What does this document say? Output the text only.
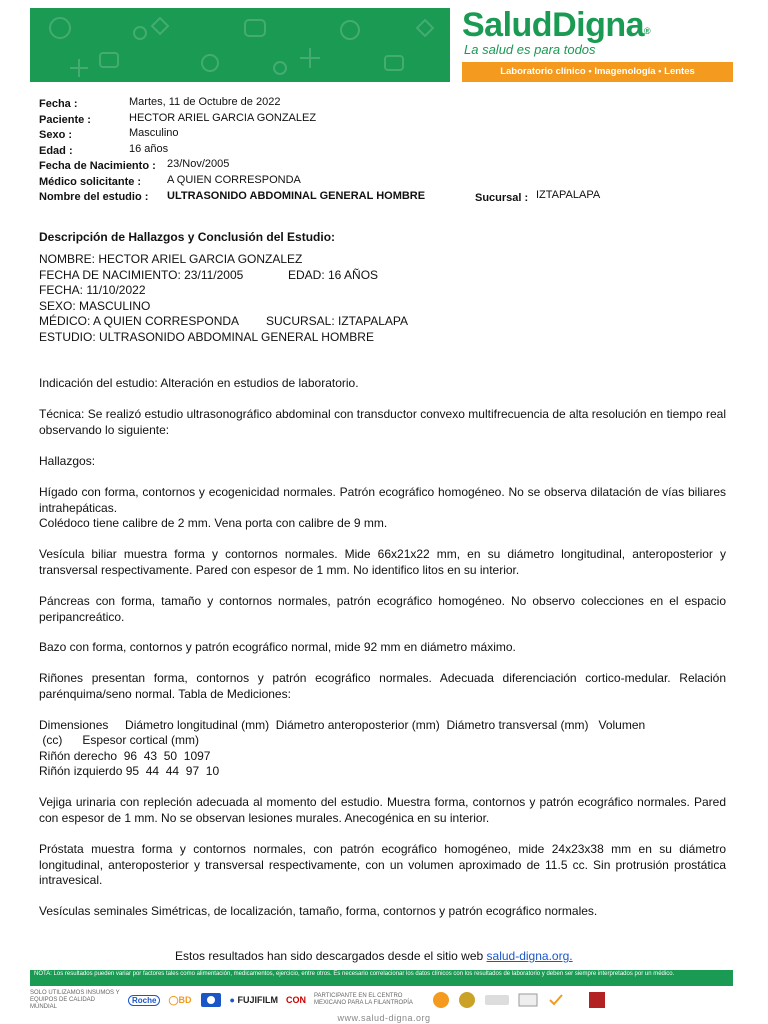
SaludDigna®
La salud es para todos
Laboratorio clínico • Imagenología • Lentes
Fecha :	Martes, 11 de Octubre de 2022
Paciente :	HECTOR ARIEL GARCIA GONZALEZ
Sexo :	Masculino
Edad :	16 años
Fecha de Nacimiento : 23/Nov/2005
Médico solicitante : A QUIEN CORRESPONDA
Nombre del estudio : ULTRASONIDO ABDOMINAL GENERAL HOMBRE	Sucursal : IZTAPALAPA
Descripción de Hallazgos y Conclusión del Estudio:
NOMBRE: HECTOR ARIEL GARCIA GONZALEZ
FECHA DE NACIMIENTO: 23/11/2005	EDAD: 16 AÑOS
FECHA: 11/10/2022
SEXO: MASCULINO
MÉDICO: A QUIEN CORRESPONDA SUCURSAL: IZTAPALAPA
ESTUDIO: ULTRASONIDO ABDOMINAL GENERAL HOMBRE
Indicación del estudio: Alteración en estudios de laboratorio.
Técnica: Se realizó estudio ultrasonográfico abdominal con transductor convexo multifrecuencia de alta resolución en tiempo real observando lo siguiente:
Hallazgos:
Hígado con forma, contornos y ecogenicidad normales. Patrón ecográfico homogéneo. No se observa dilatación de vías biliares intrahepáticas.
Colédoco tiene calibre de 2 mm. Vena porta con calibre de 9 mm.
Vesícula biliar muestra forma y contornos normales. Mide 66x21x22 mm, en su diámetro longitudinal, anteroposterior y transversal respectivamente. Pared con espesor de 1 mm. No identifico litos en su interior.
Páncreas con forma, tamaño y contornos normales, patrón ecográfico homogéneo. No observo colecciones en el espacio peripancreático.
Bazo con forma, contornos y patrón ecográfico normal, mide 92 mm en diámetro máximo.
Riñones presentan forma, contornos y patrón ecográfico normales. Adecuada diferenciación cortico-medular. Relación parénquima/seno normal. Tabla de Mediciones:
Dimensiones     Diámetro longitudinal (mm)  Diámetro anteroposterior (mm)  Diámetro transversal (mm)   Volumen
(cc)      Espesor cortical (mm)
Riñón derecho  96  43  50  1097
Riñón izquierdo 95  44  44  97  10
Vejiga urinaria con repleción adecuada al momento del estudio. Muestra forma, contornos y patrón ecográfico normales. Pared con espesor de 1 mm. No se observan lesiones murales. Anecogénica en su interior.
Próstata muestra forma y contornos normales, con patrón ecográfico homogéneo, mide 24x23x38 mm en su diámetro longitudinal, anteroposterior y transversal respectivamente, con un volumen aproximado de 11.5 cc. Sin protrusión prostática intravesical.
Vesículas seminales Simétricas, de localización, tamaño, forma, contornos y patrón ecográfico normales.
Estos resultados han sido descargados desde el sitio web salud-digna.org.
NOTA: Los resultados pueden variar por factores tales como alimentación, medicamentos, ejercicio, entre otros. Es necesario correlacionar los datos clínicos con los resultados de laboratorio y deben ser siempre interpretados por un médico.
SOLO UTILIZAMOS INSUMOS Y EQUIPOS DE CALIDAD MUNDIAL
Roche	◯BD	● FUJIFILM CON PARTICIPANTE EN EL CENTRO MEXICANO PARA LA FILANTROPÍA
www.salud-digna.org
